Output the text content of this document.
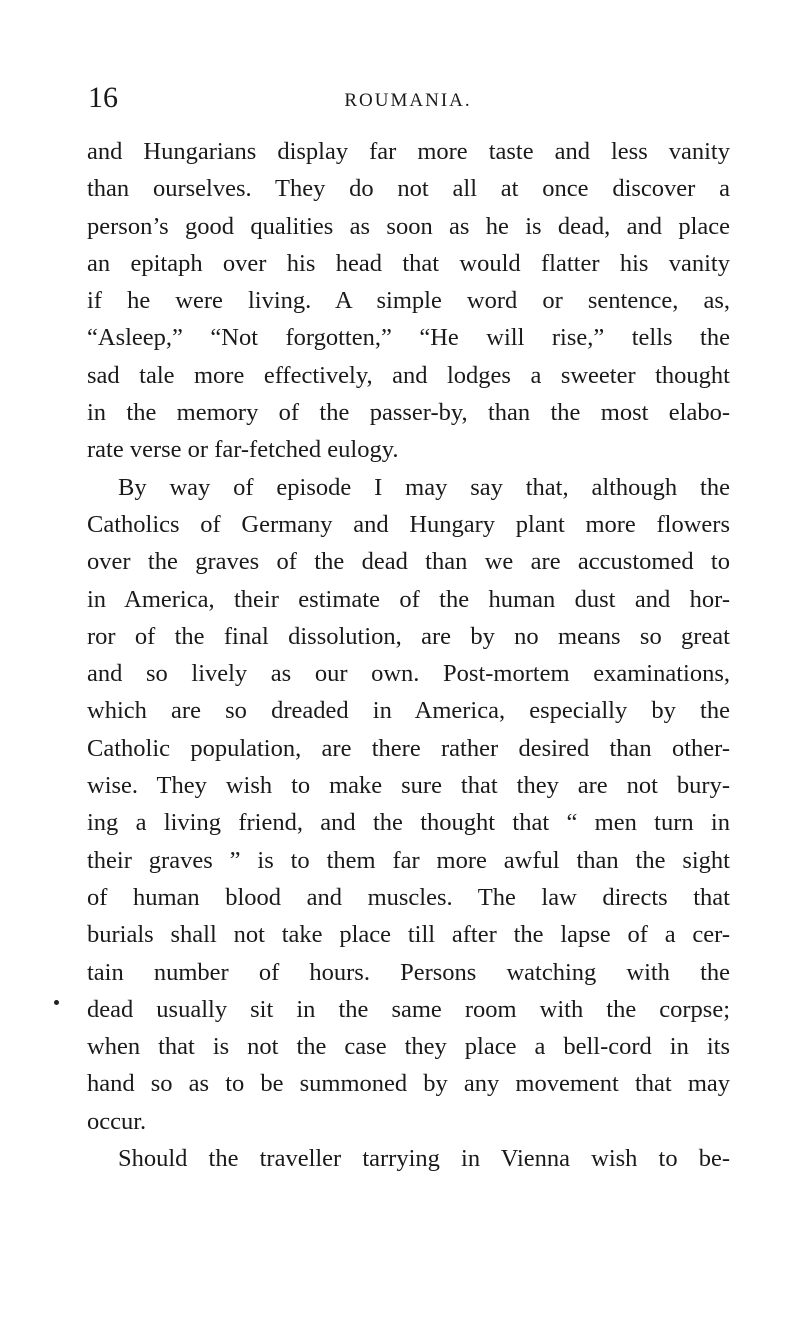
16	ROUMANIA.
and Hungarians display far more taste and less vanity
than ourselves. They do not all at once discover a
person’s good qualities as soon as he is dead, and place
an epitaph over his head that would flatter his vanity
if he were living. A simple word or sentence, as,
“Asleep,” “Not forgotten,” “He will rise,” tells the
sad tale more effectively, and lodges a sweeter thought
in the memory of the passer-by, than the most elabo-
rate verse or far-fetched eulogy.
By way of episode I may say that, although the
Catholics of Germany and Hungary plant more flowers
over the graves of the dead than we are accustomed to
in America, their estimate of the human dust and hor-
ror of the final dissolution, are by no means so great
and so lively as our own. Post-mortem examinations,
which are so dreaded in America, especially by the
Catholic population, are there rather desired than other-
wise. They wish to make sure that they are not bury-
ing a living friend, and the thought that “ men turn in
their graves ” is to them far more awful than the sight
of human blood and muscles. The law directs that
burials shall not take place till after the lapse of a cer-
tain number of hours. Persons watching with the
dead usually sit in the same room with the corpse;
when that is not the case they place a bell-cord in its
hand so as to be summoned by any movement that may
occur.
Should the traveller tarrying in Vienna wish to be-
